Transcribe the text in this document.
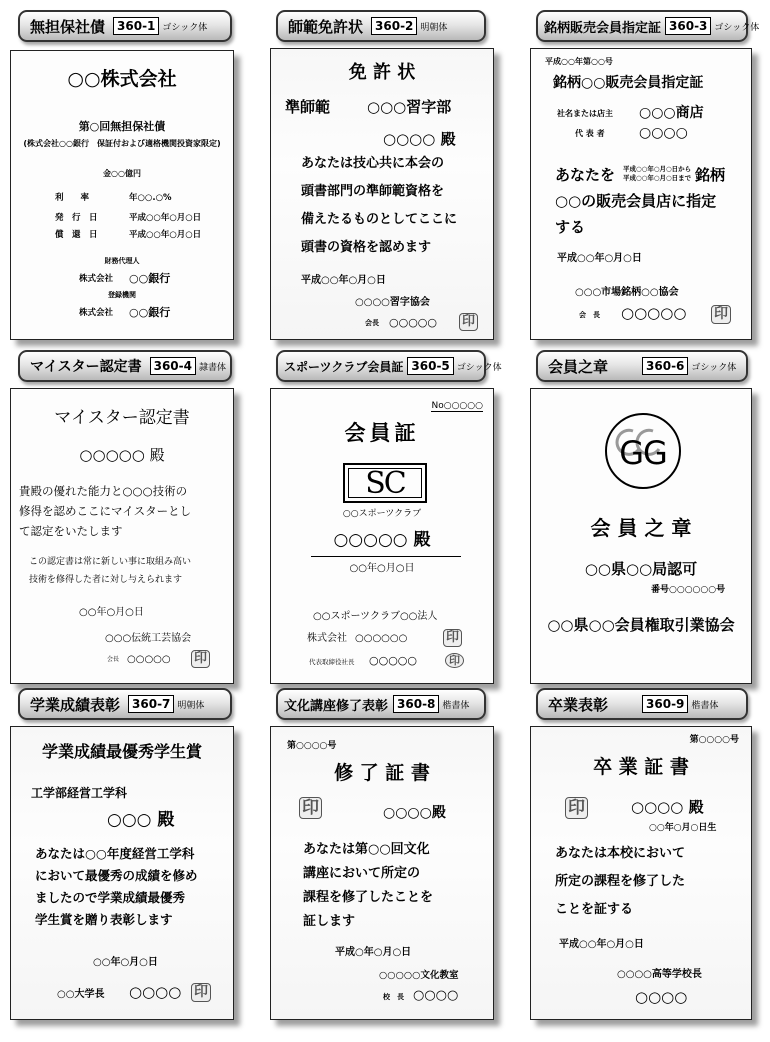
無担保社債	360-1 ゴシック体
○○株式会社
第○回無担保社債
(株式会社○○銀行　保証付および適格機関投資家限定)
金○○億円
利　　率	年○○.○%
発　行　日	平成○○年○月○日
償　還　日	平成○○年○月○日
財務代理人
株式会社 ○○銀行
登録機関
株式会社 ○○銀行
師範免許状	360-2 明朝体
免 許 状
準師範 ○○○習字部
○○○○ 殿
あなたは技心共に本会の
頭書部門の準師範資格を
備えたるものとしてここに
頭書の資格を認めます
平成○○年○月○日
○○○○習字協会
会長 ○○○○○ 印
銘柄販売会員指定証 360-3 ゴシック体
平成○○年第○○号
銘柄○○販売会員指定証
社名または店主 ○○○商店
代 表 者 ○○○○
あなたを 平成○○年○月○日から
平成○○年○月○日まで 銘柄
○○の販売会員店に指定
する
平成○○年○月○日
○○○市場銘柄○○協会
会　長 ○○○○○ 印
マイスター認定書	360-4 隷書体
マイスター認定書
○○○○○ 殿
貴殿の優れた能力と○○○技術の
修得を認めここにマイスターとし
て認定をいたします
この認定書は常に新しい事に取組み高い
技術を修得した者に対し与えられます
○○年○月○日
○○○伝統工芸協会
会長 ○○○○○ 印
スポーツクラブ会員証 360-5 ゴシック体
No○○○○○
会員証
SC
○○スポーツクラブ
○○○○○ 殿
○○年○月○日
○○スポーツクラブ○○法人
株式会社 ○○○○○○	印
代表取締役社長 ○○○○○	印
会員之章	360-6 ゴシック体
GG
会 員 之 章
○○県○○局認可
番号○○○○○○号
○○県○○会員権取引業協会
学業成績表彰	360-7 明朝体
学業成績最優秀学生賞
工学部経営工学科
○○○ 殿
あなたは○○年度経営工学科
において最優秀の成績を修め
ましたので学業成績最優秀
学生賞を贈り表彰します
○○年○月○日
○○大学長 ○○○○ 印
文化講座修了表彰 360-8 楷書体
第○○○○号
修 了 証 書
印	○○○○殿
あなたは第○○回文化
講座において所定の
課程を修了したことを
証します
平成○年○月○日
○○○○○文化教室
校　長 ○○○○
卒業表彰	360-9 楷書体
第○○○○号
卒 業 証 書
印	○○○○ 殿
○○年○月○日生
あなたは本校において
所定の課程を修了した
ことを証する
平成○○年○月○日
○○○○高等学校長
○○○○
